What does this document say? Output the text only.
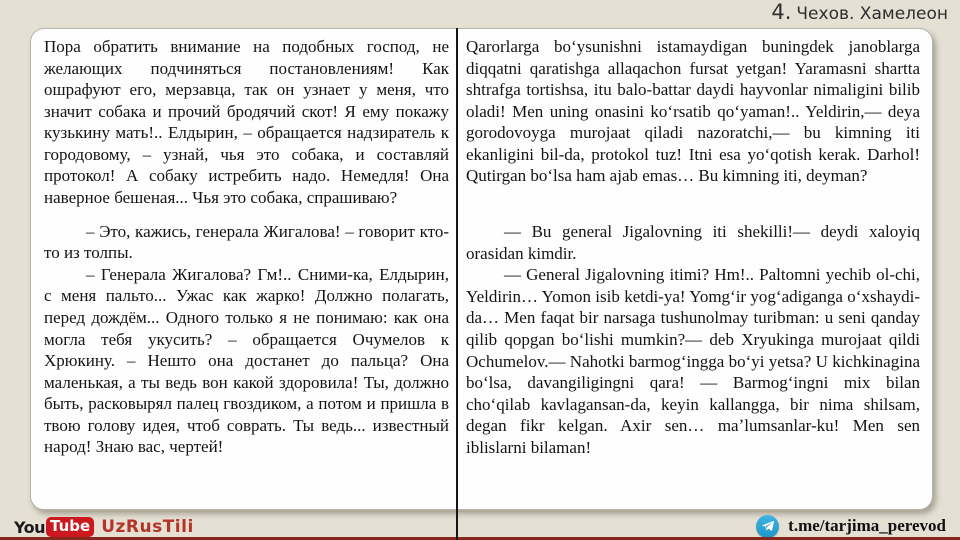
4. Чехов. Хамелеон

Пора обратить внимание на подобных господ, не желающих подчиняться постановлениям! Как ошрафуют его, мерзавца, так он узнает у меня, что значит собака и прочий бродячий скот! Я ему покажу кузькину мать!.. Елдырин, – обращается надзиратель к городовому, – узнай, чья это собака, и составляй протокол! А собаку истребить надо. Немедля! Она наверное бешеная... Чья это собака, спрашиваю?

– Это, кажись, генерала Жигалова! – говорит кто-то из толпы.

– Генерала Жигалова? Гм!.. Сними-ка, Елдырин, с меня пальто... Ужас как жарко! Должно полагать, перед дождём... Одного только я не понимаю: как она могла тебя укусить? – обращается Очумелов к Хрюкину. – Нешто она достанет до пальца? Она маленькая, а ты ведь вон какой здоровила! Ты, должно быть, расковырял палец гвоздиком, а потом и пришла в твою голову идея, чтоб соврать. Ты ведь... известный народ! Знаю вас, чертей!

Qarorlarga boʻysunishni istamaydigan buningdek janoblarga diqqatni qaratishga allaqachon fursat yetgan! Yaramasni shartta shtrafga tortishsa, itu balo-battar daydi hayvonlar nimaligini bilib oladi! Men uning onasini koʻrsatib qoʻyaman!.. Yeldirin,— deya gorodovoyga murojaat qiladi nazoratchi,— bu kimning iti ekanligini bil-da, protokol tuz! Itni esa yoʻqotish kerak. Darhol! Qutirgan boʻlsa ham ajab emas… Bu kimning iti, deyman?

— Bu general Jigalovning iti shekilli!— deydi xaloyiq orasidan kimdir.

— General Jigalovning itimi? Hm!.. Paltomni yechib ol-chi, Yeldirin… Yomon isib ketdi-ya! Yomgʻir yogʻadiganga oʻxshaydi-da… Men faqat bir narsaga tushunolmay turibman: u seni qanday qilib qopgan boʻlishi mumkin?— deb Xryukinga murojaat qildi Ochumelov.— Nahotki barmogʻingga boʻyi yetsa? U kichkinagina boʻlsa, davangiligingni qara! — Barmogʻingni mix bilan choʻqilab kavlagansan-da, keyin kallangga, bir nima shilsam, degan fikr kelgan. Axir sen… maʼlumsanlar-ku! Men sen iblislarni bilaman!

You Tube UzRusTili	t.me/tarjima_perevod
